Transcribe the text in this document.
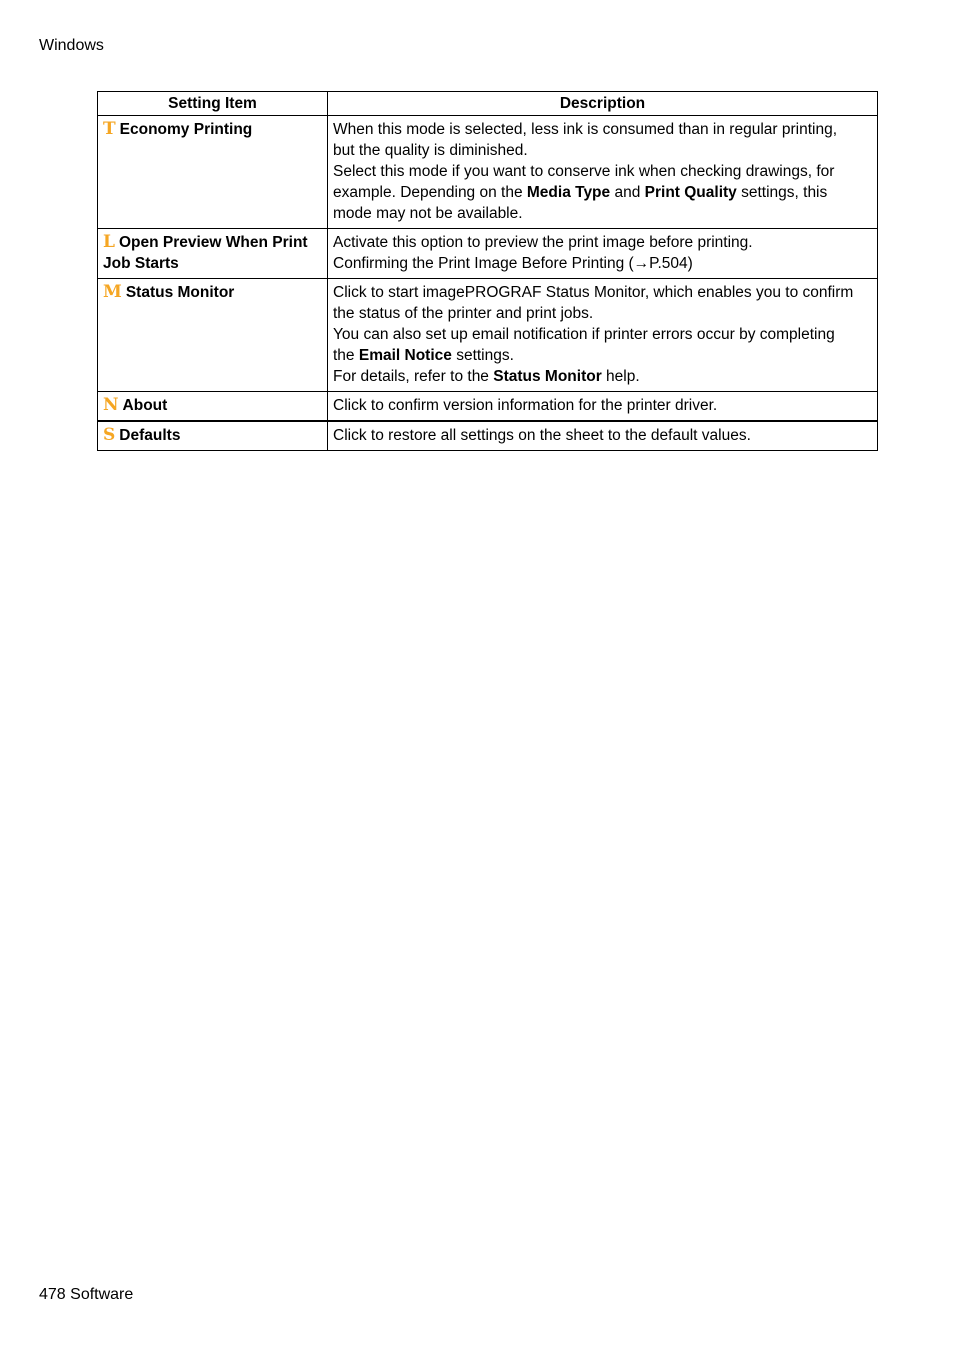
Windows
Setting Item	Description
T Economy Printing	When this mode is selected, less ink is consumed than in regular printing,
but the quality is diminished.
Select this mode if you want to conserve ink when checking drawings, for
example. Depending on the Media Type and Print Quality settings, this
mode may not be available.

L Open Preview When Print
Job Starts	Activate this option to preview the print image before printing.
Confirming the Print Image Before Printing (→P.504)

M Status Monitor	Click to start imagePROGRAF Status Monitor, which enables you to confirm
the status of the printer and print jobs.
You can also set up email notification if printer errors occur by completing
the Email Notice settings.
For details, refer to the Status Monitor help.

N About	Click to confirm version information for the printer driver.

S Defaults	Click to restore all settings on the sheet to the default values.
478 Software
